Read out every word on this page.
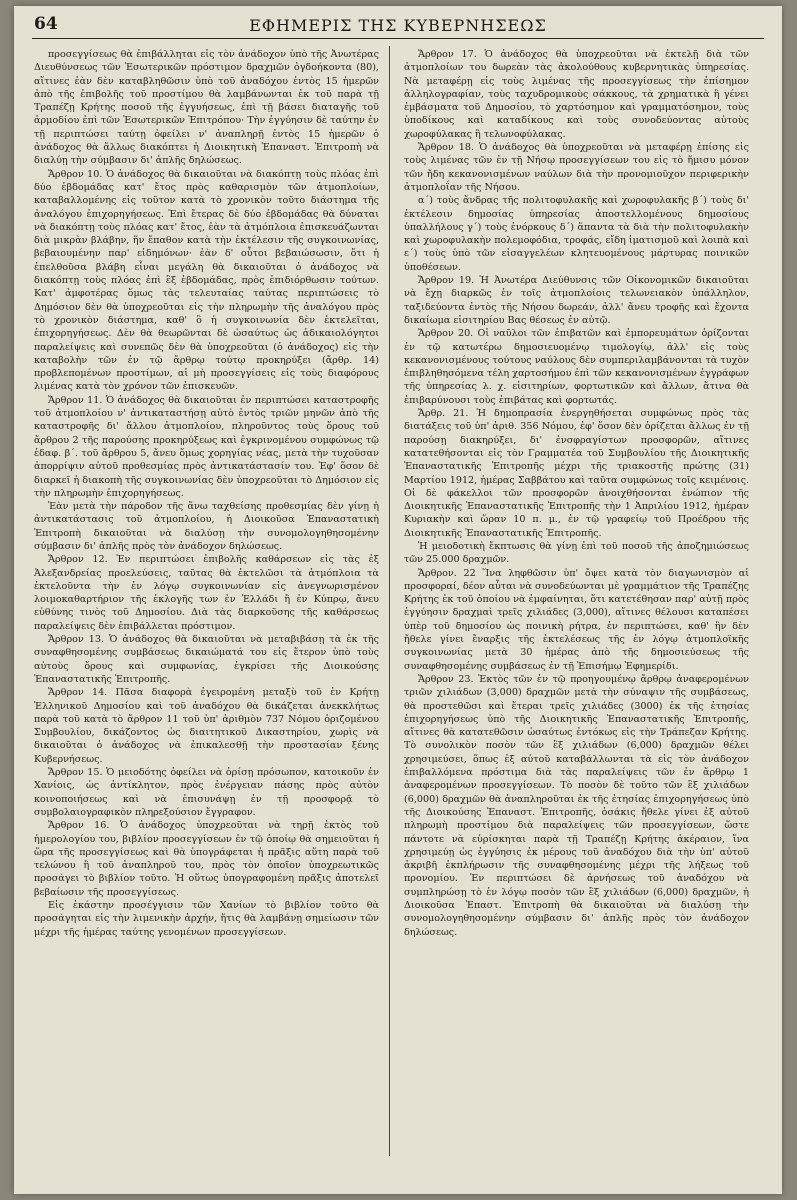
64	ΕΦΗΜΕΡΙΣ ΤΗΣ ΚΥΒΕΡΝΗΣΕΩΣ

προσεγγίσεως θὰ ἐπιβάλληται εἰς τὸν ἀνάδοχον ὑπὸ τῆς Ἀνωτέρας Διευθύνσεως τῶν Ἐσωτερικῶν πρόστιμον δραχμῶν ὀγδοήκοντα (80), αἵτινες ἐὰν δὲν καταβληθῶσιν ὑπὸ τοῦ ἀναδόχου ἐντὸς 15 ἡμερῶν ἀπὸ τῆς ἐπιβολῆς τοῦ προστίμου θὰ λαμβάνωνται ἐκ τοῦ παρὰ τῇ Τραπέζῃ Κρήτης ποσοῦ τῆς ἐγγυήσεως, ἐπὶ τῇ βάσει διαταγῆς τοῦ ἁρμοδίου ἐπὶ τῶν Ἐσωτερικῶν Ἐπιτρόπου· Τὴν ἐγγύησιν δὲ ταύτην ἐν τῇ περιπτώσει ταύτῃ ὀφείλει ν' ἀναπληρῇ ἐντὸς 15 ἡμερῶν ὁ ἀνάδοχος θὰ ἄλλως διακόπτει ἡ Διοικητικὴ Ἐπαναστ. Ἐπιτροπὴ νὰ διαλύῃ τὴν σύμβασιν δι' ἁπλῆς δηλώσεως.

Ἄρθρον 10. Ὁ ἀνάδοχος θὰ δικαιοῦται νὰ διακόπτῃ τοὺς πλόας ἐπὶ δύο ἑβδομάδας κατ' ἔτος πρὸς καθαρισμὸν τῶν ἀτμοπλοίων, καταβαλλομένης εἰς τοῦτον κατὰ τὸ χρονικὸν τοῦτο διάστημα τῆς ἀναλόγου ἐπιχορηγήσεως. Ἐπὶ ἔτερας δὲ δύο ἑβδομάδας θὰ δύναται νὰ διακόπτῃ τοὺς πλόας κατ' ἔτος, ἐὰν τὰ ἀτμόπλοια ἐπισκευάζωνται διὰ μικρὰν βλάβην, ἥν ἔπαθον κατὰ τὴν ἐκτέλεσιν τῆς συγκοινωνίας, βεβαιουμένην παρ' εἰδημόνων· ἐὰν δ' οὗτοι βεβαιώσωσιν, ὅτι ἡ ἐπελθοῦσα βλάβη εἶναι μεγάλη θὰ δικαιοῦται ὁ ἀνάδοχος νὰ διακόπτῃ τοὺς πλόας ἐπὶ ἓξ ἑβδομάδας, πρὸς ἐπιδιόρθωσιν τούτων. Κατ' ἀμφοτέρας ὅμως τὰς τελευταίας ταύτας περιπτώσεις τὸ Δημόσιον δὲν θὰ ὑποχρεοῦται εἰς τὴν πληρωμὴν τῆς ἀναλόγου πρὸς τὸ χρονικὸν διάστημα, καθ' ὃ ἡ συγκοινωνία δὲν ἐκτελεῖται, ἐπιχορηγήσεως. Δὲν θὰ θεωρῶνται δὲ ὡσαύτως ὡς ἀδικαιολόγητοι παραλείψεις καὶ συνεπῶς δὲν θὰ ὑποχρεοῦται (ὁ ἀνάδοχος) εἰς τὴν καταβολὴν τῶν ἐν τῷ ἄρθρῳ τούτῳ προκηρύξει (ἄρθρ. 14) προβλεπομένων προστίμων, αἱ μὴ προσεγγίσεις εἰς τοὺς διαφόρους λιμένας κατὰ τὸν χρόνον τῶν ἐπισκευῶν.

Ἄρθρον 11. Ὁ ἀνάδοχος θὰ δικαιοῦται ἐν περιπτώσει καταστροφῆς τοῦ ἀτμοπλοίου ν' ἀντικαταστήσῃ αὐτὸ ἐντὸς τριῶν μηνῶν ἀπὸ τῆς καταστροφῆς δι' ἄλλου ἀτμοπλοίου, πληροῦντος τοὺς ὅρους τοῦ ἄρθρου 2 τῆς παρούσης προκηρύξεως καὶ ἐγκρινομένου συμφώνως τῷ ἐδαφ. β΄. τοῦ ἄρθρου 5, ἄνευ ὅμως χορηγίας νέας, μετὰ τὴν τυχοῦσαν ἀπορρίψιν αὐτοῦ προθεσμίας πρὸς ἀντικατάστασίν του. Ἐφ' ὅσον δὲ διαρκεῖ ἡ διακοπὴ τῆς συγκοινωνίας δὲν ὑποχρεοῦται τὸ Δημόσιον εἰς τὴν πληρωμὴν ἐπιχορηγήσεως.

Ἐὰν μετὰ τὴν πάροδον τῆς ἄνω ταχθείσης προθεσμίας δὲν γίνῃ ἡ ἀντικατάστασις τοῦ ἀτμοπλοίου, ἡ Διοικοῦσα Ἐπαναστατικὴ Ἐπιτροπὴ δικαιοῦται νὰ διαλύσῃ τὴν συνομολογηθησομένην σύμβασιν δι' ἁπλῆς πρὸς τὸν ἀνάδοχον δηλώσεως.

Ἄρθρον 12. Ἐν περιπτώσει ἐπιβολῆς καθάρσεων εἰς τὰς ἐξ Ἀλεξανδρείας προελεύσεις, ταῦτας θὰ ἐκτελῶσι τὰ ἀτμόπλοια τὰ ἐκτελοῦντα τὴν ἐν λόγῳ συγκοινωνίαν εἰς ἀνεγνωρισμένον λοιμοκαθαρτήριον τῆς ἐκλογῆς των ἐν Ἑλλάδι ἢ ἐν Κύπρῳ, ἄνευ εὐθύνης τινὸς τοῦ Δημοσίου. Διὰ τὰς διαρκοῦσης τῆς καθάρσεως παραλείψεις δὲν ἐπιβάλλεται πρόστιμον.

Ἄρθρον 13. Ὁ ἀνάδοχος θὰ δικαιοῦται νὰ μεταβιβάσῃ τὰ ἐκ τῆς συναφθησομένης συμβάσεως δικαιώματά του εἰς ἕτερον ὑπὸ τοὺς αὐτοὺς ὅρους καὶ συμφωνίας, ἐγκρίσει τῆς Διοικούσης Ἐπαναστατικῆς Ἐπιτροπῆς.

Ἄρθρον 14. Πᾶσα διαφορὰ ἐγειρομένη μεταξὺ τοῦ ἐν Κρήτῃ Ἑλληνικοῦ Δημοσίου καὶ τοῦ ἀναδόχου θὰ δικάζεται ἀνεκκλήτως παρὰ τοῦ κατὰ τὸ ἄρθρον 11 τοῦ ὑπ' ἀριθμὸν 737 Νόμου ὁριζομένου Συμβουλίου, δικάζοντος ὡς διαιτητικοῦ Δικαστηρίου, χωρὶς νὰ δικαιοῦται ὁ ἀνάδοχος νὰ ἐπικαλεσθῇ τὴν προστασίαν ξένης Κυβερνήσεως.

Ἄρθρον 15. Ὁ μειοδότης ὀφείλει νὰ ὁρίσῃ πρόσωπον, κατοικοῦν ἐν Χανίοις, ὡς ἀντίκλητον, πρὸς ἐνέργειαν πάσης πρὸς αὐτὸν κοινοποιήσεως καὶ νὰ ἐπισυνάψῃ ἐν τῇ προσφορᾷ τὸ συμβολαιογραφικὸν πληρεξούσιον ἔγγραφον.

Ἄρθρον 16. Ὁ ἀνάδοχος ὑποχρεοῦται νὰ τηρῇ ἐκτὸς τοῦ ἡμερολογίου του, βιβλίον προσεγγίσεων ἐν τῷ ὁποίῳ θὰ σημειοῦται ἡ ὥρα τῆς προσεγγίσεως καὶ θὰ ὑπογράφεται ἡ πρᾶξις αὕτη παρὰ τοῦ τελώνου ἢ τοῦ ἀναπληροῦ του, πρὸς τὸν ὁποῖον ὑποχρεωτικῶς προσάγει τὸ βιβλίον τοῦτο. Ἡ οὕτως ὑπογραφομένη πρᾶξις ἀποτελεῖ βεβαίωσιν τῆς προσεγγίσεως.

Εἰς ἑκάστην προσέγγισιν τῶν Χανίων τὸ βιβλίον τοῦτο θὰ προσάγηται εἰς τὴν λιμενικὴν ἀρχήν, ἥτις θὰ λαμβάνῃ σημείωσιν τῶν μέχρι τῆς ἡμέρας ταύτης γενομένων προσεγγίσεων.

Ἄρθρον 17. Ὁ ἀνάδοχος θὰ ὑποχρεοῦται νὰ ἐκτελῇ διὰ τῶν ἀτμοπλοίων του δωρεὰν τὰς ἀκολούθους κυβερνητικὰς ὑπηρεσίας. Νὰ μεταφέρῃ εἰς τοὺς λιμένας τῆς προσεγγίσεως τὴν ἐπίσημον ἀλληλογραφίαν, τοὺς ταχυδρομικοὺς σάκκους, τὰ χρηματικὰ ἢ γένει ἐμβάσματα τοῦ Δημοσίου, τὸ χαρτόσημον καὶ γραμματόσημον, τοὺς ὑποδίκους καὶ καταδίκους καὶ τοὺς συνοδεύοντας αὐτοὺς χωροφύλακας ἢ τελωνοφύλακας.

Ἄρθρον 18. Ὁ ἀνάδοχος θὰ ὑποχρεοῦται νὰ μεταφέρῃ ἐπίσης εἰς τοὺς λιμένας τῶν ἐν τῇ Νήσῳ προσεγγίσεων του εἰς τὸ ἥμισυ μόνον τῶν ἤδη κεκανονισμένων ναύλων διὰ τὴν προνομιοῦχον περιφερικὴν ἀτμοπλοΐαν τῆς Νήσου.

α΄) τοὺς ἄνδρας τῆς πολιτοφυλακῆς καὶ χωροφυλακῆς β΄) τοὺς δι' ἐκτέλεσιν δημοσίας ὑπηρεσίας ἀποστελλομένους δημοσίους ὑπαλλήλους γ΄) τοὺς ἐνόρκους δ΄) ἅπαντα τὰ διὰ τὴν πολιτοφυλακὴν καὶ χωροφυλακὴν πολεμοφόδια, τροφάς, εἴδη ἱματισμοῦ καὶ λοιπὰ καὶ ε΄) τοὺς ὑπὸ τῶν εἰσαγγελέων κλητευομένους μάρτυρας ποινικῶν ὑποθέσεων.

Ἄρθρον 19. Ἡ Ἀνωτέρα Διεύθυνσις τῶν Οἰκονομικῶν δικαιοῦται νὰ ἔχῃ διαρκῶς ἐν τοῖς ἀτμοπλοίοις τελωνειακὸν ὑπάλληλον, ταξιδεύοντα ἐντὸς τῆς Νήσου δωρεάν, ἀλλ' ἄνευ τροφῆς καὶ ἔχοντα δικαίωμα εἰσιτηρίου Βας θέσεως ἐν αὐτῷ.

Ἄρθρον 20. Οἱ ναῦλοι τῶν ἐπιβατῶν καὶ ἐμπορευμάτων ὁρίζονται ἐν τῷ κατωτέρω δημοσιευομένῳ τιμολογίῳ, ἀλλ' εἰς τοὺς κεκανονισμένους τούτους ναύλους δὲν συμπεριλαμβάνονται τὰ τυχὸν ἐπιβληθησόμενα τέλη χαρτοσήμου ἐπὶ τῶν κεκανονισμένων ἐγγράφων τῆς ὑπηρεσίας λ. χ. εἰσιτηρίων, φορτωτικῶν καὶ ἄλλων, ἅτινα θὰ ἐπιβαρύνουσι τοὺς ἐπιβάτας καὶ φορτωτάς.

Ἄρθρ. 21. Ἡ δημοπρασία ἐνεργηθήσεται συμφώνως πρὸς τὰς διατάξεις τοῦ ὑπ' ἀριθ. 356 Νόμου, ἐφ' ὅσον δὲν ὁρίζεται ἄλλως ἐν τῇ παρούσῃ διακηρύξει, δι' ἐνσφραγίστων προσφορῶν, αἵτινες κατατεθήσονται εἰς τὸν Γραμματέα τοῦ Συμβουλίου τῆς Διοικητικῆς Ἐπαναστατικῆς Ἐπιτροπῆς μέχρι τῆς τριακοστῆς πρώτης (31) Μαρτίου 1912, ἡμέρας Σαββάτου καὶ ταῦτα συμφώνως τοῖς κειμένοις. Οἱ δὲ φάκελλοι τῶν προσφορῶν ἀνοιχθήσονται ἐνώπιον τῆς Διοικητικῆς Ἐπαναστατικῆς Ἐπιτροπῆς τὴν 1 Ἀπριλίου 1912, ἡμέραν Κυριακὴν καὶ ὥραν 10 π. μ., ἐν τῷ γραφείῳ τοῦ Προέδρου τῆς Διοικητικῆς Ἐπαναστατικῆς Ἐπιτροπῆς.

Ἡ μειοδοτικὴ ἔκπτωσις θὰ γίνῃ ἐπὶ τοῦ ποσοῦ τῆς ἀποζημιώσεως τῶν 25.000 δραχμῶν.

Ἄρθρον. 22 Ἵνα ληφθῶσιν ὑπ' ὄψει κατὰ τὸν διαγωνισμὸν αἱ προσφοραί, δέον αὗται νὰ συνοδεύωνται μὲ γραμμάτιον τῆς Τραπέζης Κρήτης ἐκ τοῦ ὁποίου νὰ ἐμφαίνηται, ὅτι κατετέθησαν παρ' αὐτῇ πρὸς ἐγγύησιν δραχμαὶ τρεῖς χιλιάδες (3,000), αἵτινες θέλουσι καταπέσει ὑπὲρ τοῦ δημοσίου ὡς ποινικὴ ρήτρα, ἐν περιπτώσει, καθ' ἣν δὲν ἤθελε γίνει ἔναρξις τῆς ἐκτελέσεως τῆς ἐν λόγῳ ἀτμοπλοϊκῆς συγκοινωνίας μετὰ 30 ἡμέρας ἀπὸ τῆς δημοσιεύσεως τῆς συναφθησομένης συμβάσεως ἐν τῇ Ἐπισήμῳ Ἐφημερίδι.

Ἄρθρον 23. Ἐκτὸς τῶν ἐν τῷ προηγουμένῳ ἄρθρῳ ἀναφερομένων τριῶν χιλιάδων (3,000) δραχμῶν μετὰ τὴν σύναψιν τῆς συμβάσεως, θὰ προστεθῶσι καὶ ἕτεραι τρεῖς χιλιάδες (3000) ἐκ τῆς ἐτησίας ἐπιχορηγήσεως ὑπὸ τῆς Διοικητικῆς Ἐπαναστατικῆς Ἐπιτροπῆς, αἵτινες θὰ κατατεθῶσιν ὡσαύτως ἐντόκως εἰς τὴν Τράπεζαν Κρήτης. Τὸ συνολικὸν ποσὸν τῶν ἓξ χιλιάδων (6,000) δραχμῶν θέλει χρησιμεύσει, ὅπως ἐξ αὐτοῦ καταβάλλωνται τὰ εἰς τὸν ἀνάδοχον ἐπιβαλλόμενα πρόστιμα διὰ τὰς παραλείψεις τῶν ἐν ἄρθρῳ 1 ἀναφερομένων προσεγγίσεων. Τὸ ποσὸν δὲ τοῦτο τῶν ἓξ χιλιάδων (6,000) δραχμῶν θὰ ἀναπληροῦται ἐκ τῆς ἐτησίας ἐπιχορηγήσεως ὑπὸ τῆς Διοικούσης Ἐπαναστ. Ἐπιτροπῆς, ὁσάκις ἤθελε γίνει ἐξ αὐτοῦ πληρωμὴ προστίμου διὰ παραλείψεις τῶν προσεγγίσεων, ὥστε πάντοτε νὰ εὑρίσκηται παρὰ τῇ Τραπέζῃ Κρήτης ἀκέραιον, ἵνα χρησιμεύῃ ὡς ἐγγύησις ἐκ μέρους τοῦ ἀναδόχου διὰ τὴν ὑπ' αὐτοῦ ἀκριβῆ ἐκπλήρωσιν τῆς συναφθησομένης μέχρι τῆς λήξεως τοῦ προνομίου. Ἐν περιπτώσει δὲ ἀρνήσεως τοῦ ἀναδόχου νὰ συμπληρώσῃ τὸ ἐν λόγῳ ποσὸν τῶν ἓξ χιλιάδων (6,000) δραχμῶν, ἡ Διοικοῦσα Ἐπαστ. Ἐπιτροπὴ θὰ δικαιοῦται νὰ διαλύσῃ τὴν συνομολογηθησομένην σύμβασιν δι' ἁπλῆς πρὸς τὸν ἀνάδοχον δηλώσεως.
